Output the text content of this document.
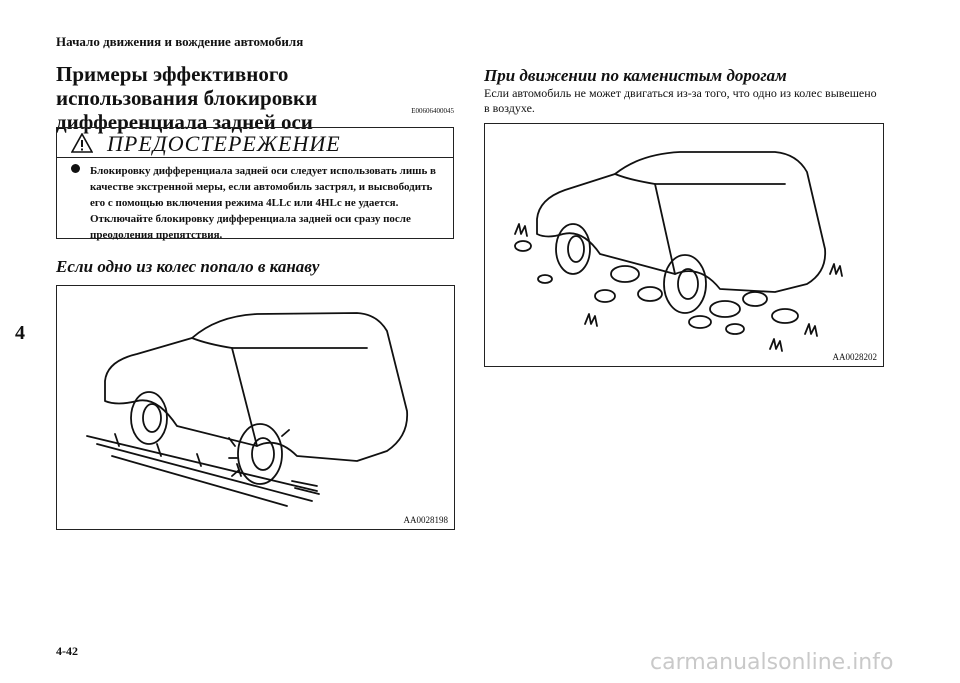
Начало движения и вождение автомобиля
Примеры эффективного использования блокировки дифференциала задней оси	E00606400045
ПРЕДОСТЕРЕЖЕНИЕ
Блокировку дифференциала задней оси следует использовать лишь в качестве экстренной меры, если автомобиль застрял, и высвободить его с помощью включения режима 4LLc или 4HLc не удается. Отключайте блокировку дифференциала задней оси сразу после преодоления препятствия.
Если одно из колес попало в канаву
AA0028198
При движении по каменистым дорогам
Если автомобиль не может двигаться из-за того, что одно из колес вывешено в воздухе.
AA0028202
4
4-42	carmanualsonline.info
